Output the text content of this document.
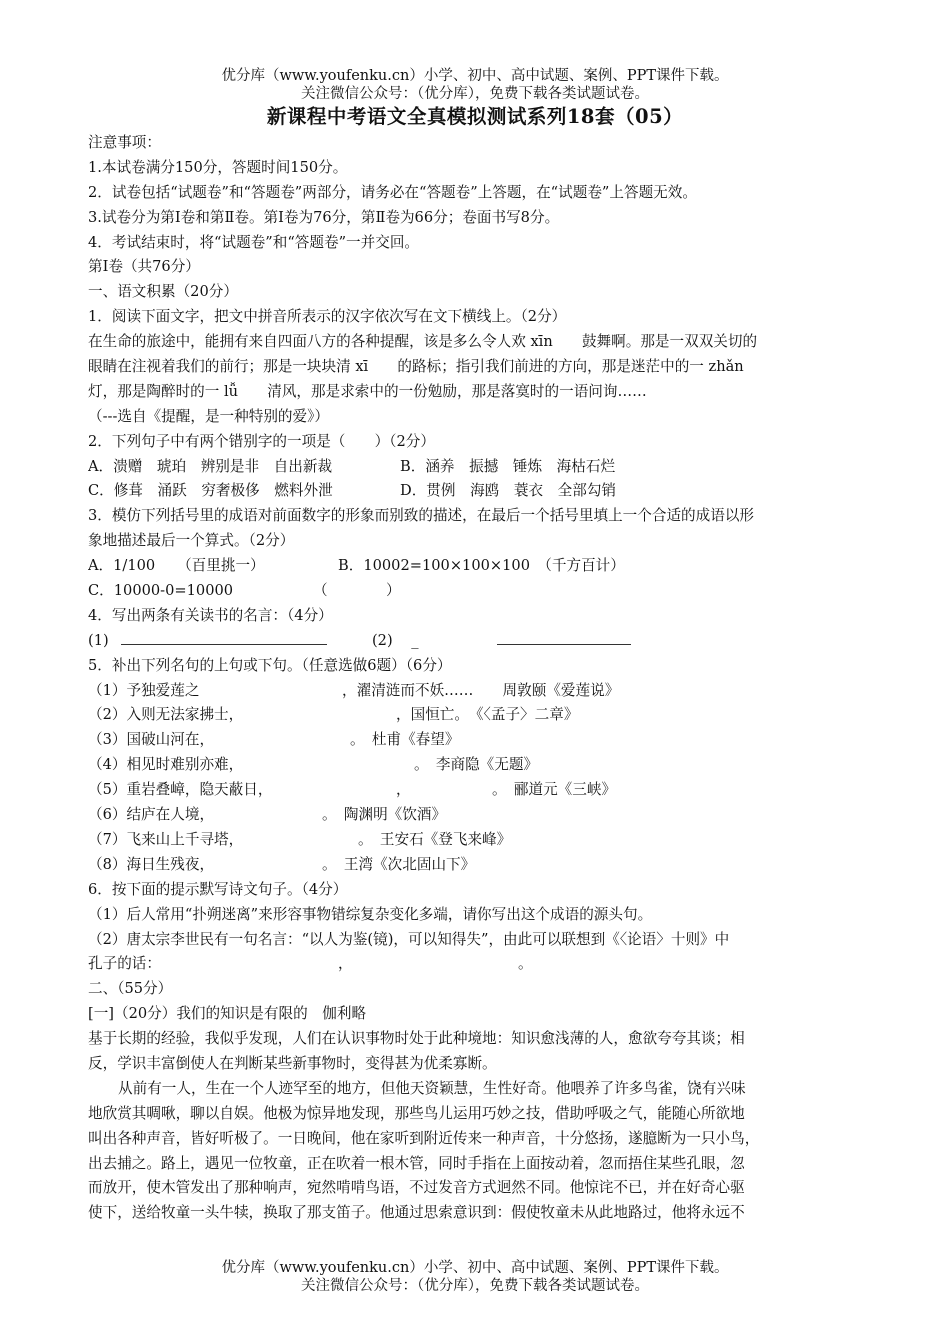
优分库（www.youfenku.cn）小学、初中、高中试题、案例、PPT课件下载。
关注微信公众号：（优分库），免费下载各类试题试卷。
新课程中考语文全真模拟测试系列18套（05）
注意事项：
1.本试卷满分150分，答题时间150分。
2．试卷包括“试题卷”和“答题卷”两部分，请务必在“答题卷”上答题，在“试题卷”上答题无效。
3.试卷分为第Ⅰ卷和第Ⅱ卷。第Ⅰ卷为76分，第Ⅱ卷为66分；卷面书写8分。
4．考试结束时，将“试题卷”和“答题卷”一并交回。
第Ⅰ卷（共76分）
一、语文积累（20分）
1．阅读下面文字，把文中拼音所表示的汉字依次写在文下横线上。（2分）
在生命的旅途中，能拥有来自四面八方的各种提醒，该是多么令人欢 xīn　　鼓舞啊。那是一双双关切的
眼睛在注视着我们的前行；那是一块块清 xī　　的路标；指引我们前进的方向，那是迷茫中的一 zhǎn
灯，那是陶醉时的一 lǚ　　清风，那是求索中的一份勉励，那是落寞时的一语问询……
（---选自《提醒，是一种特别的爱》）
2．下列句子中有两个错别字的一项是（　　）（2分）
A．溃赠　琥珀　辨别是非　自出新裁	B．涵养　振撼　锤炼　海枯石烂
C．修葺　涌跃　穷奢极侈　燃料外泄	D．贯例　海鸥　蓑衣　全部勾销
3．模仿下列括号里的成语对前面数字的形象而别致的描述，在最后一个括号里填上一个合适的成语以形
象地描述最后一个算式。（2分）
A．1/100　　（百里挑一）	B．10002=100×100×100　（千方百计）
C．10000-0=10000	（　　　　）
4．写出两条有关读书的名言：（4分）
(1)	(2) _
5．补出下列名句的上句或下句。（任意选做6题）（6分）
（1）予独爱莲之	，濯清涟而不妖……　　周敦颐《爱莲说》
（2）入则无法家拂士，	，国恒亡。　《〈孟子〉二章》
（3）国破山河在，	。　杜甫《春望》
（4）相见时难别亦难，	。　李商隐《无题》
（5）重岩叠嶂，隐天蔽日，	，	。　郦道元《三峡》
（6）结庐在人境，	。　陶渊明《饮酒》
（7）飞来山上千寻塔，	。　王安石《登飞来峰》
（8）海日生残夜，	。　王湾《次北固山下》
6．按下面的提示默写诗文句子。（4分）
（1）后人常用“扑朔迷离”来形容事物错综复杂变化多端，请你写出这个成语的源头句。
（2）唐太宗李世民有一句名言：“以人为鉴(镜)，可以知得失”，由此可以联想到《〈论语〉十则》中
孔子的话：	，	。
二、（55分）
[一]（20分）我们的知识是有限的　伽利略
基于长期的经验，我似乎发现，人们在认识事物时处于此种境地：知识愈浅薄的人，愈欲夸夸其谈；相
反，学识丰富倒使人在判断某些新事物时，变得甚为优柔寡断。
从前有一人，生在一个人迹罕至的地方，但他天资颖慧，生性好奇。他喂养了许多鸟雀，饶有兴味
地欣赏其啁啾，聊以自娱。他极为惊异地发现，那些鸟儿运用巧妙之技，借助呼吸之气，能随心所欲地
叫出各种声音，皆好听极了。一日晚间，他在家听到附近传来一种声音，十分悠扬，遂臆断为一只小鸟，
出去捕之。路上，遇见一位牧童，正在吹着一根木管，同时手指在上面按动着，忽而捂住某些孔眼，忽
而放开，使木管发出了那种响声，宛然啃啃鸟语，不过发音方式迥然不同。他惊诧不已，并在好奇心驱
使下，送给牧童一头牛犊，换取了那支笛子。他通过思索意识到：假使牧童未从此地路过，他将永远不
优分库（www.youfenku.cn）小学、初中、高中试题、案例、PPT课件下载。
关注微信公众号：（优分库），免费下载各类试题试卷。
